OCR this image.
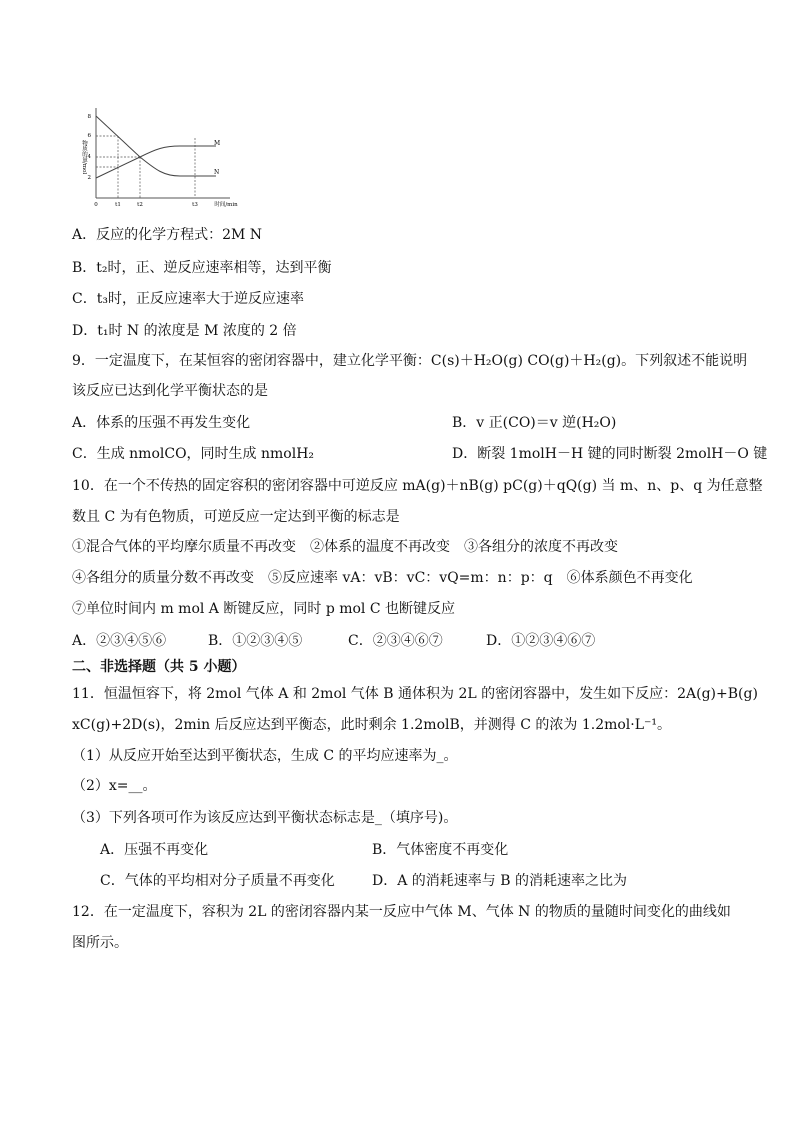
8
6
4
2
物质的量/mol
0	t1	t2	t3	时间/min
M
N
A．反应的化学方程式：2M N
B．t₂时，正、逆反应速率相等，达到平衡
C．t₃时，正反应速率大于逆反应速率
D．t₁时 N 的浓度是 M 浓度的 2 倍
9．一定温度下，在某恒容的密闭容器中，建立化学平衡：C(s)＋H₂O(g) CO(g)＋H₂(g)。下列叙述不能说明
该反应已达到化学平衡状态的是
A．体系的压强不再发生变化	B．v 正(CO)＝v 逆(H₂O)
C．生成 nmolCO，同时生成 nmolH₂	D．断裂 1molH－H 键的同时断裂 2molH－O 键
10．在一个不传热的固定容积的密闭容器中可逆反应 mA(g)＋nB(g) pC(g)＋qQ(g) 当 m、n、p、q 为任意整
数且 C 为有色物质，可逆反应一定达到平衡的标志是
①混合气体的平均摩尔质量不再改变　②体系的温度不再改变　③各组分的浓度不再改变
④各组分的质量分数不再改变　⑤反应速率 vA：vB：vC：vQ=m：n：p：q　⑥体系颜色不再变化
⑦单位时间内 m mol A 断键反应，同时 p mol C 也断键反应
A．②③④⑤⑥	B．①②③④⑤	C．②③④⑥⑦	D．①②③④⑥⑦
二、非选择题（共 5 小题）
11．恒温恒容下，将 2mol 气体 A 和 2mol 气体 B 通体积为 2L 的密闭容器中，发生如下反应：2A(g)+B(g)
xC(g)+2D(s)，2min 后反应达到平衡态，此时剩余 1.2molB，并测得 C 的浓为 1.2mol·L⁻¹。
（1）从反应开始至达到平衡状态，生成 C 的平均应速率为_。
（2）x=__。
（3）下列各项可作为该反应达到平衡状态标志是_（填序号)。
A．压强不再变化	B．气体密度不再变化
C．气体的平均相对分子质量不再变化	D．A 的消耗速率与 B 的消耗速率之比为
12．在一定温度下，容积为 2L 的密闭容器内某一反应中气体 M、气体 N 的物质的量随时间变化的曲线如
图所示。
